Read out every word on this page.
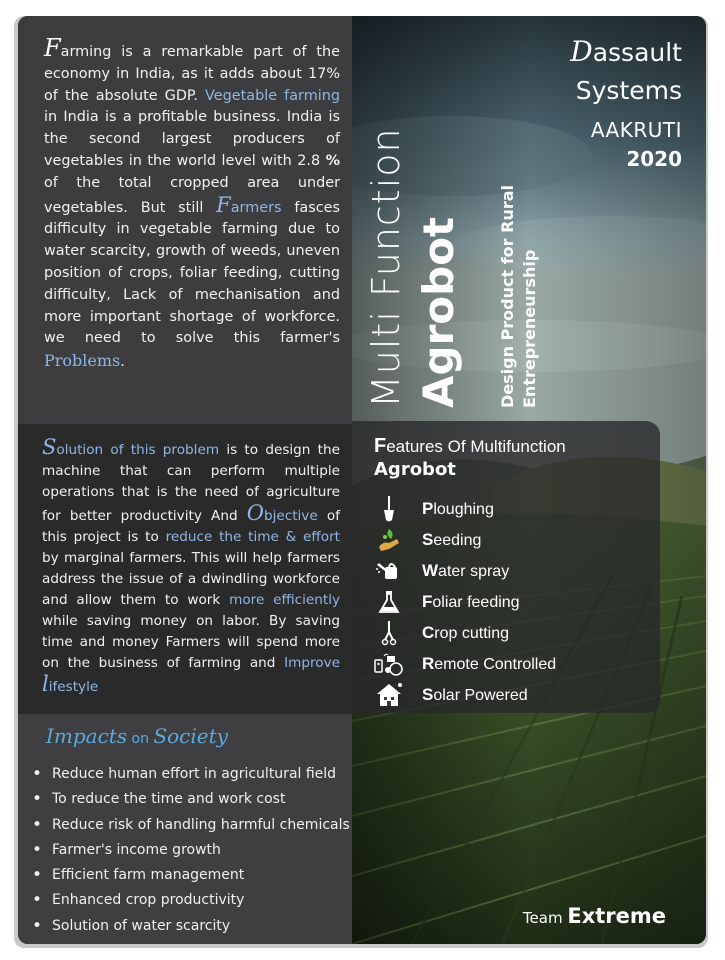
Farming is a remarkable part of the economy in India, as it adds about 17% of the absolute GDP. Vegetable farming in India is a profitable business. India is the second largest producers of vegetables in the world level with 2.8 % of the total cropped area under vegetables. But still Farmers fasces difficulty in vegetable farming due to water scarcity, growth of weeds, uneven position of crops, foliar feeding, cutting difficulty, Lack of mechanisation and more important shortage of workforce. we need to solve this farmer's Problems.
Solution of this problem is to design the machine that can perform multiple operations that is the need of agriculture for better productivity And Objective of this project is to reduce the time & effort by marginal farmers. This will help farmers address the issue of a dwindling workforce and allow them to work more efficiently while saving money on labor. By saving time and money Farmers will spend more on the business of farming and Improve lifestyle
Impacts on Society
• Reduce human effort in agricultural field
• To reduce the time and work cost
• Reduce risk of handling harmful chemicals
• Farmer's income growth
• Efficient farm management
• Enhanced crop productivity
• Solution of water scarcity
Dassault
Systems
AAKRUTI
2020
Multi Function Agrobot Design Product for Rural Entrepreneurship
Features Of Multifunction
Agrobot
Ploughing
Seeding
Water spray
Foliar feeding
Crop cutting
Remote Controlled
Solar Powered
Team Extreme
